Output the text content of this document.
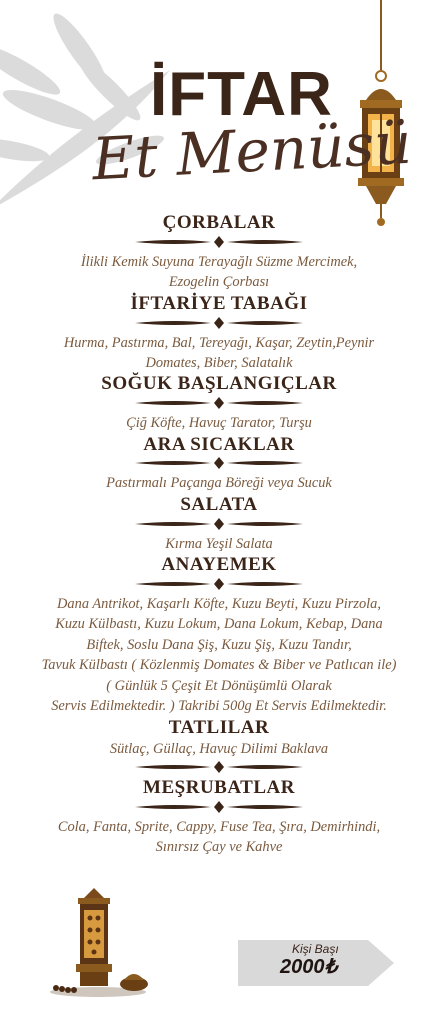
İFTAR
Et Menüsü
ÇORBALAR
İlikli Kemik Suyuna Terayağlı Süzme Mercimek,
Ezogelin Çorbası
İFTARİYE TABAĞI
Hurma, Pastırma, Bal, Tereyağı, Kaşar, Zeytin,Peynir
Domates, Biber, Salatalık
SOĞUK BAŞLANGIÇLAR
Çiğ Köfte, Havuç Tarator, Turşu
ARA SICAKLAR
Pastırmalı Paçanga Böreği veya Sucuk
SALATA
Kırma Yeşil Salata
ANAYEMEK
Dana Antrikot, Kaşarlı Köfte, Kuzu Beyti, Kuzu Pirzola,
Kuzu Külbastı, Kuzu Lokum, Dana Lokum, Kebap, Dana
Biftek, Soslu Dana Şiş, Kuzu Şiş, Kuzu Tandır,
Tavuk Külbastı ( Közlenmiş Domates & Biber ve Patlıcan ile)
( Günlük 5 Çeşit Et Dönüşümlü Olarak
Servis Edilmektedir. ) Takribi 500g Et Servis Edilmektedir.
TATLILAR
Sütlaç, Güllaç, Havuç Dilimi Baklava
MEŞRUBATLAR
Cola, Fanta, Sprite, Cappy, Fuse Tea, Şıra, Demirhindi,
Sınırsız Çay ve Kahve
Kişi Başı
2000₺
